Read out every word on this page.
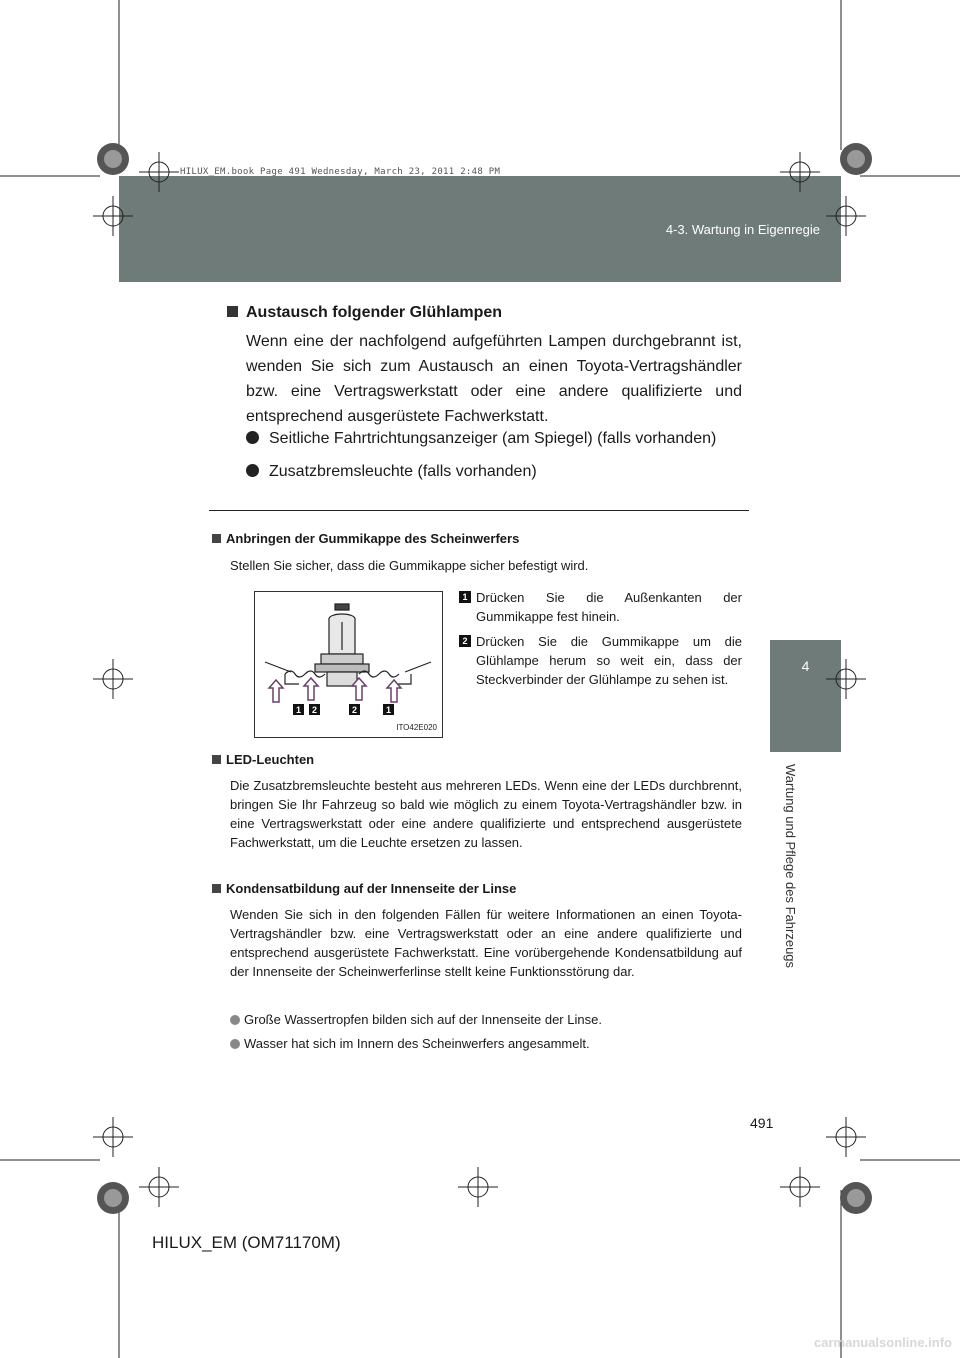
4-3. Wartung in Eigenregie
HILUX_EM.book Page 491 Wednesday, March 23, 2011 2:48 PM
4
Wartung und Pflege des Fahrzeugs
Austausch folgender Glühlampen
Wenn eine der nachfolgend aufgeführten Lampen durchgebrannt ist, wenden Sie sich zum Austausch an einen Toyota-Vertragshändler bzw. eine Vertragswerkstatt oder eine andere qualifizierte und entsprechend ausgerüstete Fachwerkstatt.
Seitliche Fahrtrichtungsanzeiger (am Spiegel) (falls vorhanden)
Zusatzbremsleuchte (falls vorhanden)
Anbringen der Gummikappe des Scheinwerfers
Stellen Sie sicher, dass die Gummikappe sicher befestigt wird.
1 2	2	1
ITO42E020
1 Drücken Sie die Außenkanten der Gummikappe fest hinein.
2 Drücken Sie die Gummikappe um die Glühlampe herum so weit ein, dass der Steckverbinder der Glühlampe zu sehen ist.
LED-Leuchten
Die Zusatzbremsleuchte besteht aus mehreren LEDs. Wenn eine der LEDs durchbrennt, bringen Sie Ihr Fahrzeug so bald wie möglich zu einem Toyota-Vertragshändler bzw. in eine Vertragswerkstatt oder eine andere qualifizierte und entsprechend ausgerüstete Fachwerkstatt, um die Leuchte ersetzen zu lassen.
Kondensatbildung auf der Innenseite der Linse
Wenden Sie sich in den folgenden Fällen für weitere Informationen an einen Toyota-Vertragshändler bzw. eine Vertragswerkstatt oder an eine andere qualifizierte und entsprechend ausgerüstete Fachwerkstatt. Eine vorübergehende Kondensatbildung auf der Innenseite der Scheinwerferlinse stellt keine Funktionsstörung dar.
Große Wassertropfen bilden sich auf der Innenseite der Linse.
Wasser hat sich im Innern des Scheinwerfers angesammelt.
491
HILUX_EM (OM71170M)
carmanualsonline.info
